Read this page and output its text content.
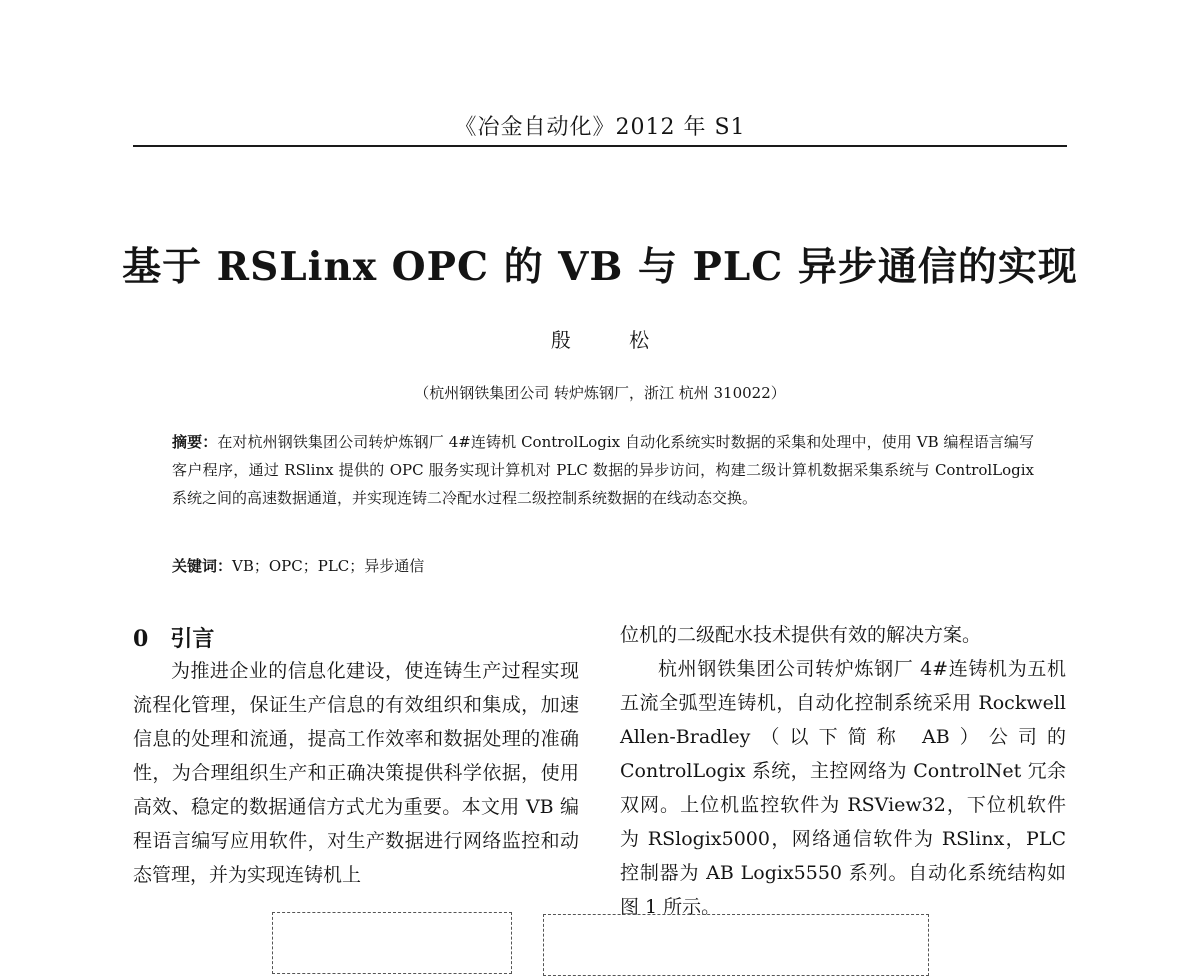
《冶金自动化》2012 年 S1
基于 RSLinx OPC 的 VB 与 PLC 异步通信的实现
殷 松
（杭州钢铁集团公司 转炉炼钢厂，浙江 杭州 310022）
摘要：在对杭州钢铁集团公司转炉炼钢厂 4#连铸机 ControlLogix 自动化系统实时数据的采集和处理中，使用 VB 编程语言编写客户程序，通过 RSlinx 提供的 OPC 服务实现计算机对 PLC 数据的异步访问，构建二级计算机数据采集系统与 ControlLogix 系统之间的高速数据通道，并实现连铸二冷配水过程二级控制系统数据的在线动态交换。
关键词：VB；OPC；PLC；异步通信
0 引言

为推进企业的信息化建设，使连铸生产过程实现流程化管理，保证生产信息的有效组织和集成，加速信息的处理和流通，提高工作效率和数据处理的准确性，为合理组织生产和正确决策提供科学依据，使用高效、稳定的数据通信方式尤为重要。本文用 VB 编程语言编写应用软件，对生产数据进行网络监控和动态管理，并为实现连铸机上

位机的二级配水技术提供有效的解决方案。

杭州钢铁集团公司转炉炼钢厂 4#连铸机为五机五流全弧型连铸机，自动化控制系统采用 Rockwell Allen-Bradley（以下简称 AB）公司的 ControlLogix 系统，主控网络为 ControlNet 冗余双网。上位机监控软件为 RSView32，下位机软件为 RSlogix5000，网络通信软件为 RSlinx，PLC 控制器为 AB Logix5550 系列。自动化系统结构如图 1 所示。
